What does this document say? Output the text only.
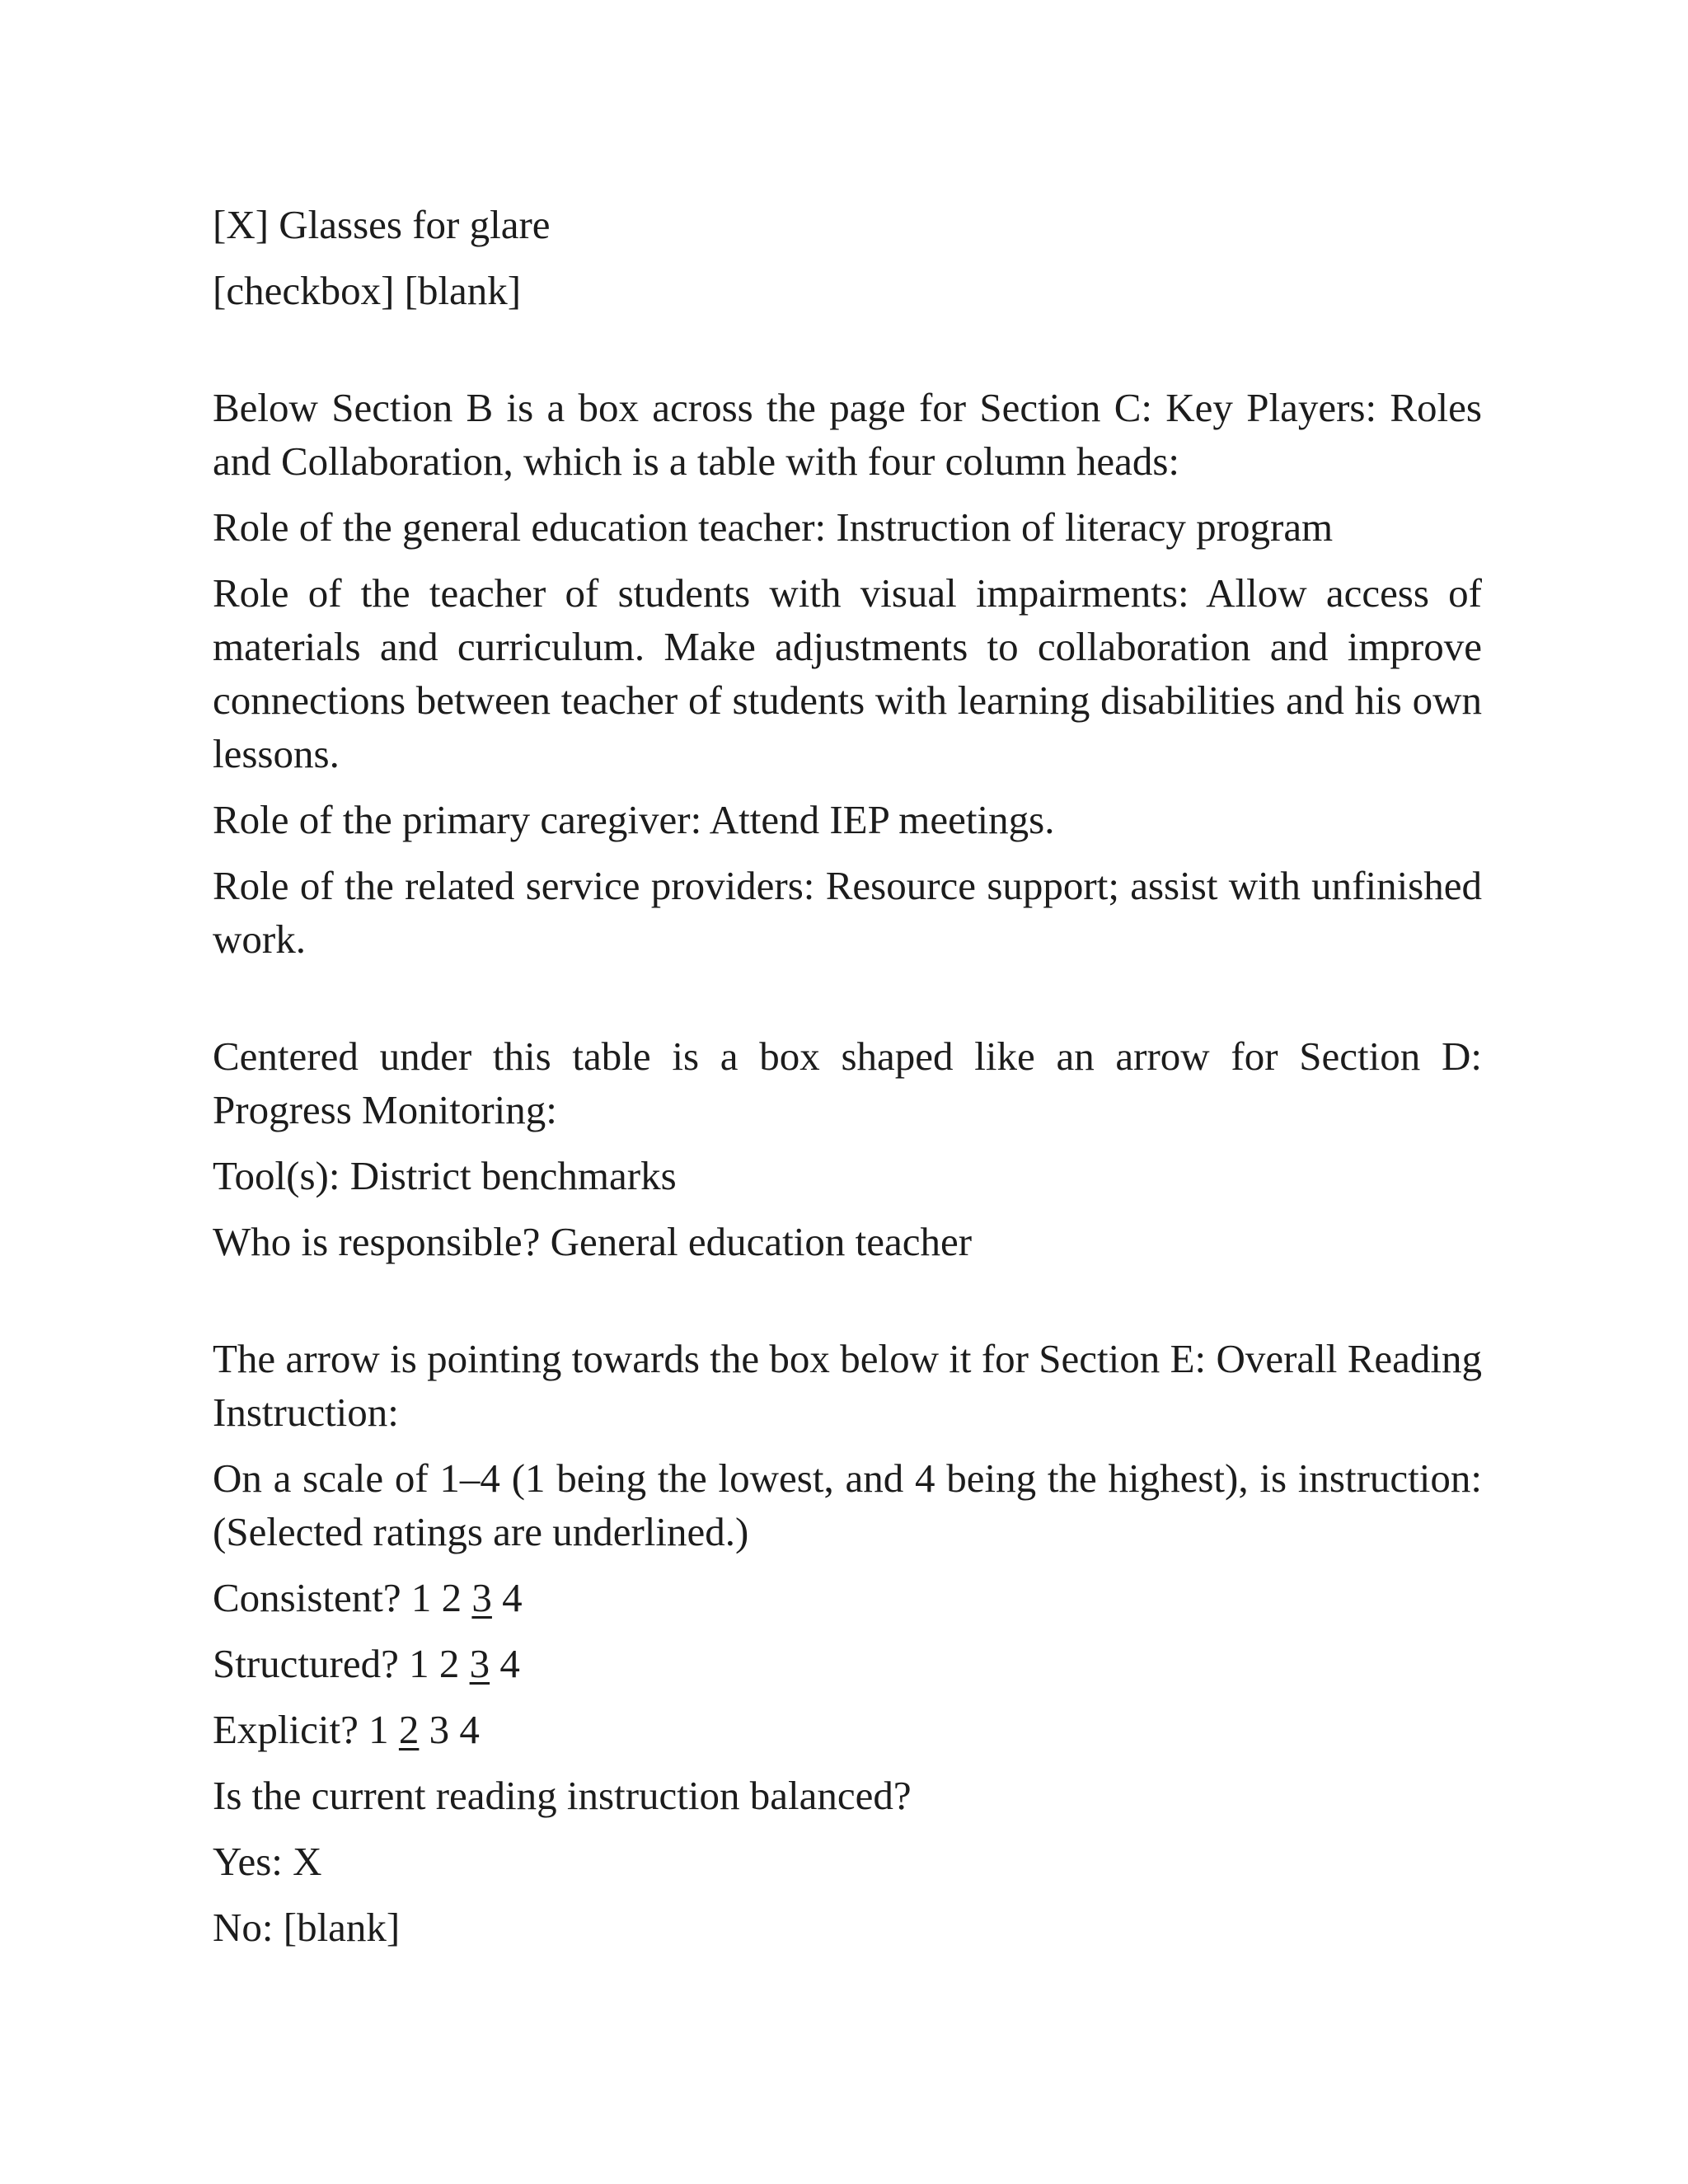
[X] Glasses for glare

[checkbox] [blank]

Below Section B is a box across the page for Section C: Key Players: Roles and Collaboration, which is a table with four column heads:

Role of the general education teacher: Instruction of literacy program

Role of the teacher of students with visual impairments: Allow access of materials and curriculum. Make adjustments to collaboration and improve connections between teacher of students with learning disabilities and his own lessons.

Role of the primary caregiver: Attend IEP meetings.

Role of the related service providers: Resource support; assist with unfinished work.

Centered under this table is a box shaped like an arrow for Section D: Progress Monitoring:

Tool(s): District benchmarks

Who is responsible? General education teacher

The arrow is pointing towards the box below it for Section E: Overall Reading Instruction:

On a scale of 1–4 (1 being the lowest, and 4 being the highest), is instruction: (Selected ratings are underlined.)

Consistent? 1 2 3 4

Structured? 1 2 3 4

Explicit? 1 2 3 4

Is the current reading instruction balanced?

Yes: X

No: [blank]
